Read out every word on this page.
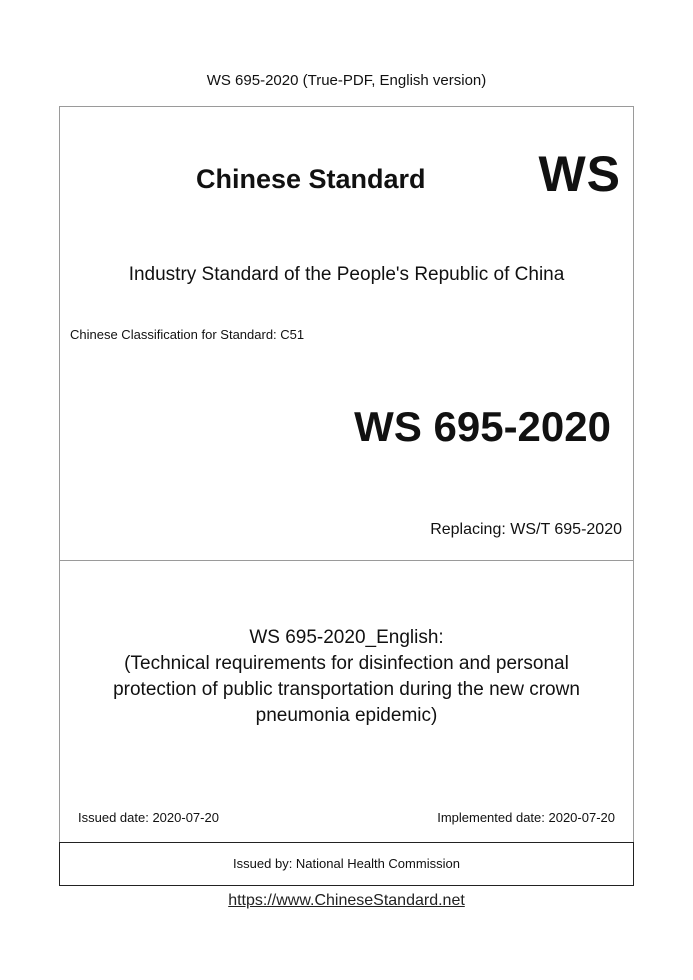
WS 695-2020 (True-PDF, English version)
Chinese Standard WS
Industry Standard of the People's Republic of China
Chinese Classification for Standard: C51
WS 695-2020
Replacing: WS/T 695-2020
WS 695-2020_English:
(Technical requirements for disinfection and personal
protection of public transportation during the new crown
pneumonia epidemic)
Issued date: 2020-07-20	Implemented date: 2020-07-20
Issued by: National Health Commission
https://www.ChineseStandard.net
